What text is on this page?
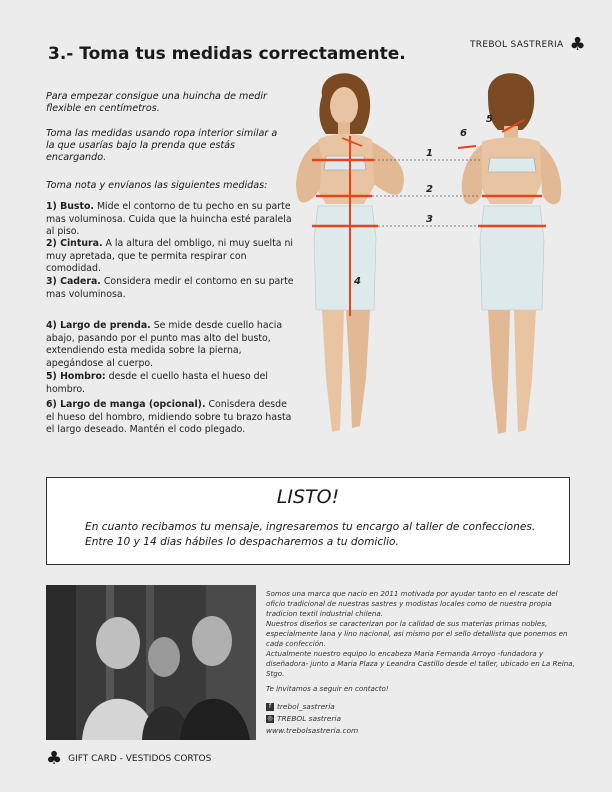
TREBOL SASTRERIA ♣
3.- Toma tus medidas correctamente.

Para empezar consigue una huincha de medir flexible en centímetros.

Toma las medidas usando ropa interior similar a la que usarías bajo la prenda que estás encargando.

Toma nota y envíanos las siguientes medidas:

1) Busto. Mide el contorno de tu pecho en su parte mas voluminosa. Cuida que la huincha esté paralela al piso.
2) Cintura. A la altura del ombligo, ni muy suelta ni muy apretada, que te permita respirar con comodidad.
3) Cadera. Considera medir el contorno en su parte mas voluminosa.
4) Largo de prenda. Se mide desde cuello hacia abajo, pasando por el punto mas alto del busto, extendiendo esta medida sobre la pierna, apegándose al cuerpo.
5) Hombro: desde el cuello hasta el hueso del hombro.
6) Largo de manga (opcional). Conisdera desde el hueso del hombro, midiendo sobre tu brazo hasta el largo deseado. Mantén el codo plegado.
1
2
3
4
5
6
LISTO!
En cuanto recibamos tu mensaje, ingresaremos tu encargo al taller de confecciones.
Entre 10 y 14 dias hábiles lo despacharemos a tu domiclio.

Somos una marca que nacio en 2011 motivada por ayudar tanto en el rescate del oficio tradicional de nuestras sastres y modistas locales como de nuestra propia tradicion textil industrial chilena.

Nuestros diseños se caracterizan por la calidad de sus materias primas nobles, especialmente lana y lino nacional, asi mismo por el sello detallista que ponemos en cada confección.

Actualmente nuestro equipo lo encabeza Maria Fernanda Arroyo -fundadora y diseñadora- junto a Maria Plaza y Leandra Castillo desde el taller, ubicado en La Reina, Stgo.

Te invitamos a seguir en contacto!

f trebol_sastreria
◎ TREBOL sastreria
www.trebolsastreria.com
♣ GIFT CARD - VESTIDOS CORTOS
